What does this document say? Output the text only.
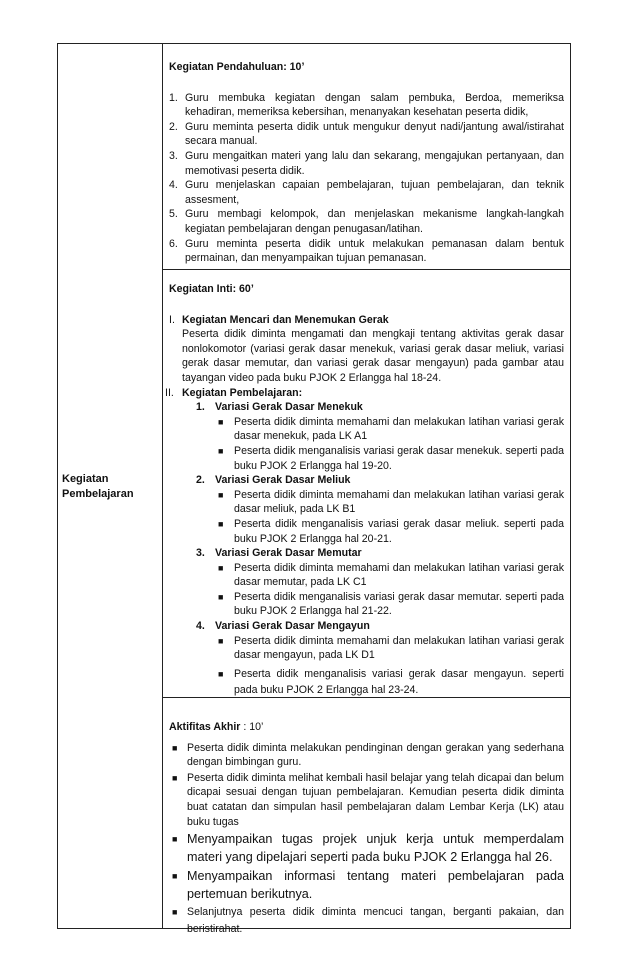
Kegiatan
Pembelajaran

Kegiatan Pendahuluan: 10’

1. Guru membuka kegiatan dengan salam pembuka, Berdoa, memeriksa kehadiran, memeriksa kebersihan, menanyakan kesehatan peserta didik,
2. Guru meminta peserta didik untuk mengukur denyut nadi/jantung awal/istirahat secara manual.
3. Guru mengaitkan materi yang lalu dan sekarang, mengajukan pertanyaan, dan memotivasi peserta didik.
4. Guru menjelaskan capaian pembelajaran, tujuan pembelajaran, dan teknik assesment,
5. Guru membagi kelompok, dan menjelaskan mekanisme langkah-langkah kegiatan pembelajaran dengan penugasan/latihan.
6. Guru meminta peserta didik untuk melakukan pemanasan dalam bentuk permainan, dan menyampaikan tujuan pemanasan.

Kegiatan Inti: 60’

I. Kegiatan Mencari dan Menemukan Gerak
Peserta didik diminta mengamati dan mengkaji tentang aktivitas gerak dasar nonlokomotor (variasi gerak dasar menekuk, variasi gerak dasar meliuk, variasi gerak dasar memutar, dan variasi gerak dasar mengayun) pada gambar atau tayangan video pada buku PJOK 2 Erlangga hal 18-24.
II. Kegiatan Pembelajaran:
1. Variasi Gerak Dasar Menekuk
■ Peserta didik diminta memahami dan melakukan latihan variasi gerak dasar menekuk, pada LK A1
■ Peserta didik menganalisis variasi gerak dasar menekuk. seperti pada buku PJOK 2 Erlangga hal 19-20.
2. Variasi Gerak Dasar Meliuk
■ Peserta didik diminta memahami dan melakukan latihan variasi gerak dasar meliuk, pada LK B1
■ Peserta didik menganalisis variasi gerak dasar meliuk. seperti pada buku PJOK 2 Erlangga hal 20-21.
3. Variasi Gerak Dasar Memutar
■ Peserta didik diminta memahami dan melakukan latihan variasi gerak dasar memutar, pada LK C1
■ Peserta didik menganalisis variasi gerak dasar memutar. seperti pada buku PJOK 2 Erlangga hal 21-22.
4. Variasi Gerak Dasar Mengayun
■ Peserta didik diminta memahami dan melakukan latihan variasi gerak dasar mengayun, pada LK D1
■ Peserta didik menganalisis variasi gerak dasar mengayun. seperti pada buku PJOK 2 Erlangga hal 23-24.

Aktifitas Akhir : 10’

■ Peserta didik diminta melakukan pendinginan dengan gerakan yang sederhana dengan bimbingan guru.
■ Peserta didik diminta melihat kembali hasil belajar yang telah dicapai dan belum dicapai sesuai dengan tujuan pembelajaran. Kemudian peserta didik diminta buat catatan dan simpulan hasil pembelajaran dalam Lembar Kerja (LK) atau buku tugas
■ Menyampaikan tugas projek unjuk kerja untuk memperdalam materi yang dipelajari seperti pada buku PJOK 2 Erlangga hal 26.
■ Menyampaikan informasi tentang materi pembelajaran pada pertemuan berikutnya.
■ Selanjutnya peserta didik diminta mencuci tangan, berganti pakaian, dan beristirahat.
